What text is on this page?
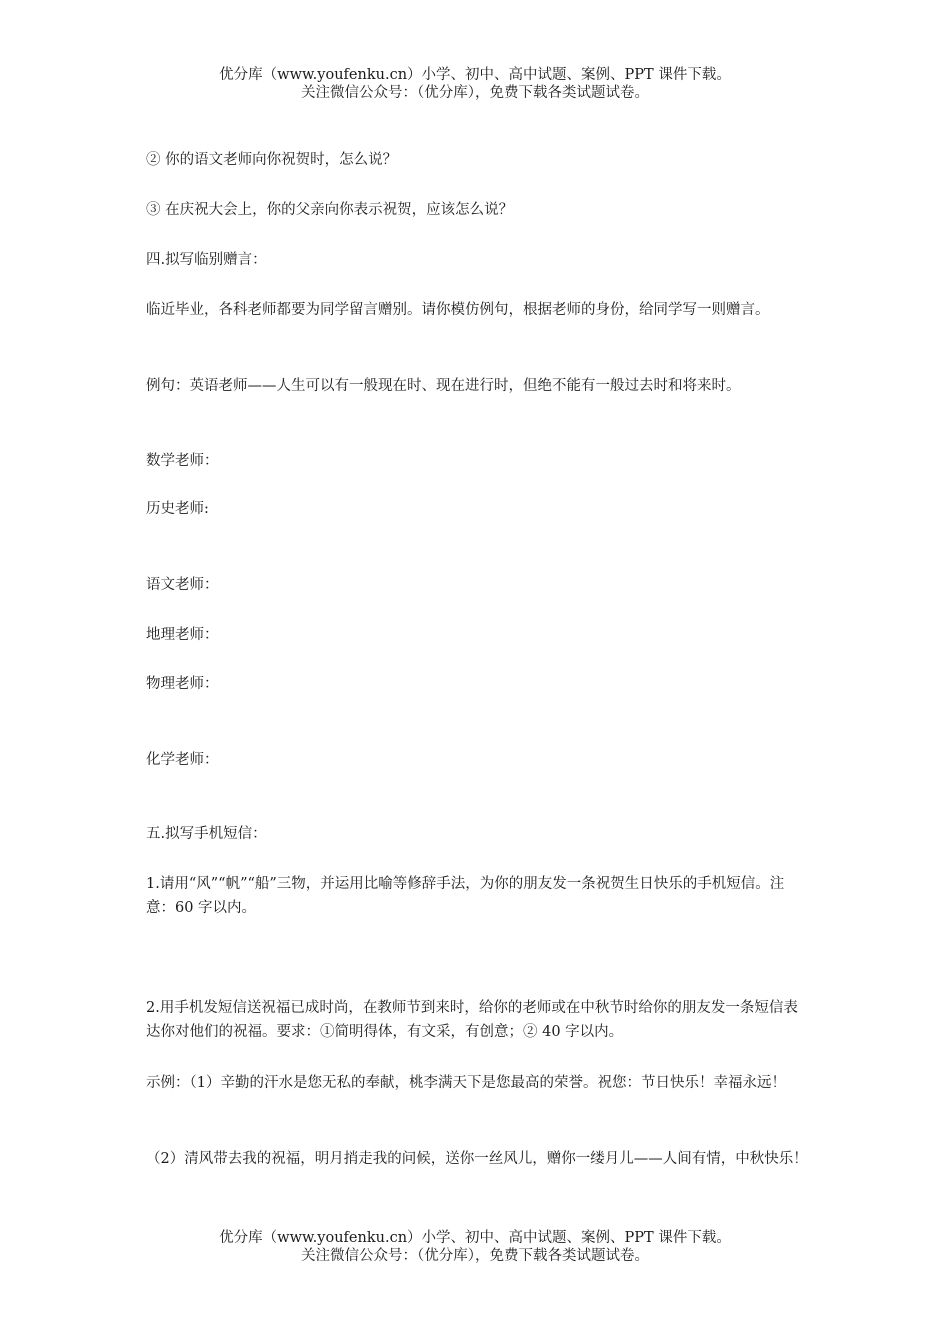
优分库（www.youfenku.cn）小学、初中、高中试题、案例、PPT 课件下载。
关注微信公众号：（优分库），免费下载各类试题试卷。

② 你的语文老师向你祝贺时，怎么说？

③ 在庆祝大会上，你的父亲向你表示祝贺，应该怎么说？

四.拟写临别赠言：

临近毕业，各科老师都要为同学留言赠别。请你模仿例句，根据老师的身份，给同学写一则赠言。

例句：英语老师——人生可以有一般现在时、现在进行时，但绝不能有一般过去时和将来时。

数学老师：

历史老师:

语文老师：

地理老师：

物理老师：

化学老师：

五.拟写手机短信：

1.请用“风”“帆”“船”三物，并运用比喻等修辞手法，为你的朋友发一条祝贺生日快乐的手机短信。注意：60 字以内。

2.用手机发短信送祝福已成时尚，在教师节到来时，给你的老师或在中秋节时给你的朋友发一条短信表达你对他们的祝福。要求：①简明得体，有文采，有创意；② 40 字以内。

示例：（1）辛勤的汗水是您无私的奉献，桃李满天下是您最高的荣誉。祝您：节日快乐！幸福永远！

（2）清风带去我的祝福，明月捎走我的问候，送你一丝风儿，赠你一缕月儿——人间有情，中秋快乐！

优分库（www.youfenku.cn）小学、初中、高中试题、案例、PPT 课件下载。
关注微信公众号：（优分库），免费下载各类试题试卷。
